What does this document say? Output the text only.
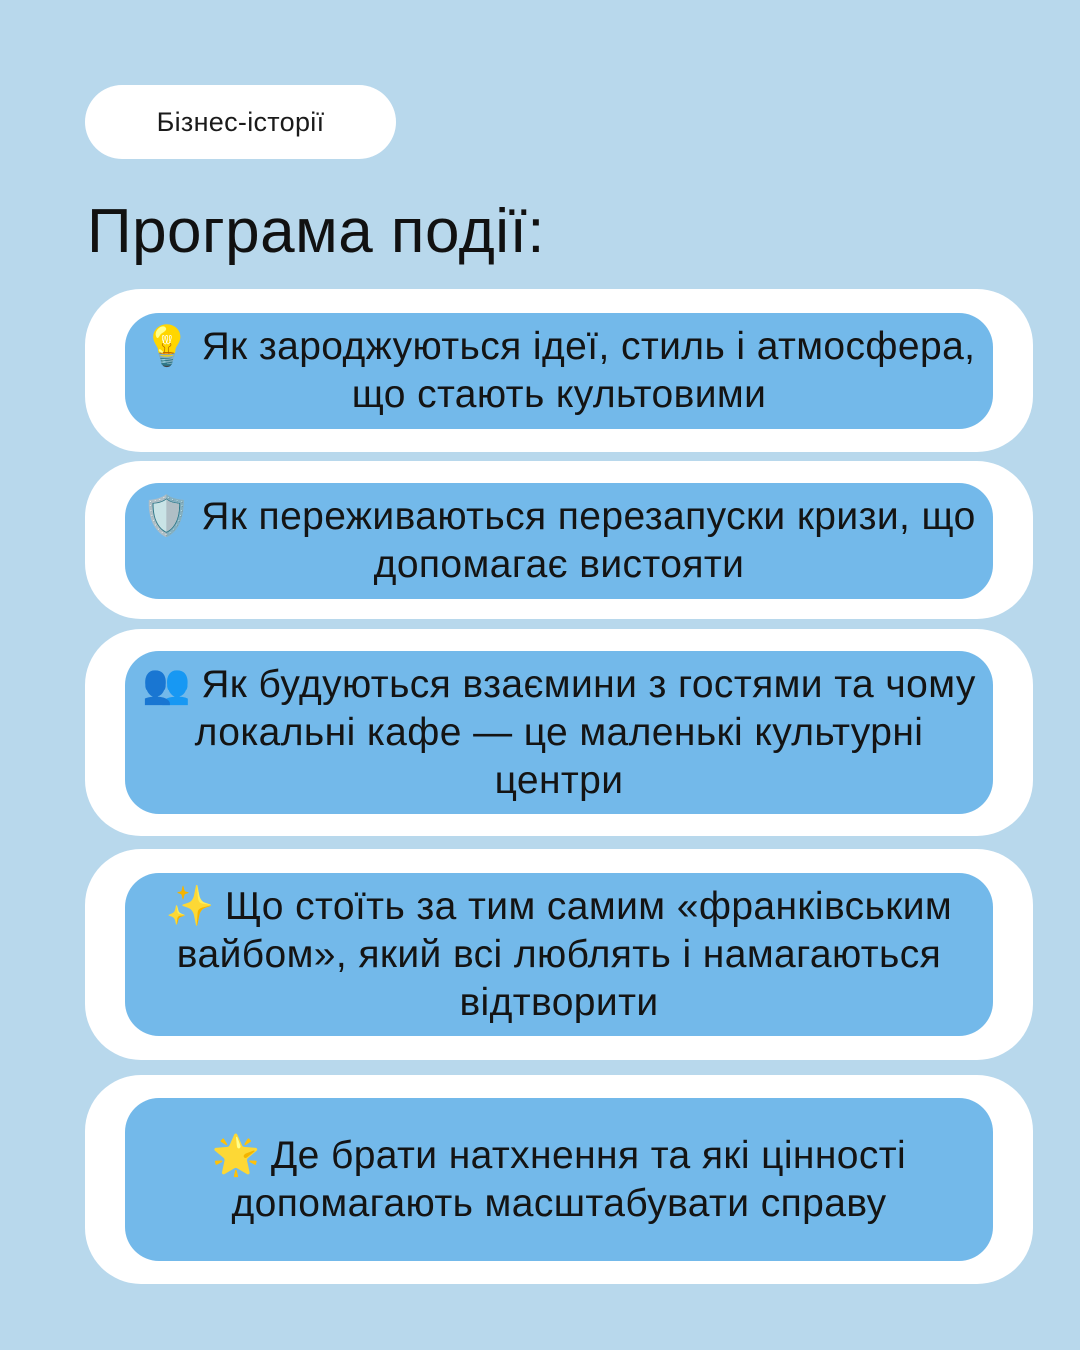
Бізнес-історії
Програма події:
💡 Як зароджуються ідеї, стиль і атмосфера, що стають культовими
🛡️ Як переживаються перезапуски кризи, що допомагає вистояти
👥 Як будуються взаємини з гостями та чому локальні кафе — це маленькі культурні центри
✨ Що стоїть за тим самим «франківським вайбом», який всі люблять і намагаються відтворити
🌟 Де брати натхнення та які цінності допомагають масштабувати справу
